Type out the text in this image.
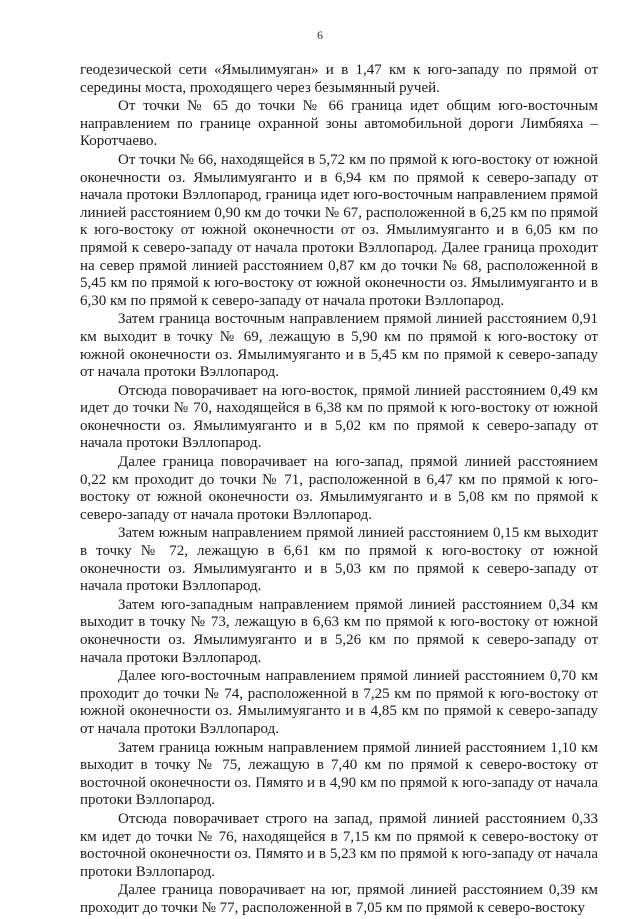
6

геодезической сети «Ямылимуяган» и в 1,47 км к юго-западу по прямой от середины моста, проходящего через безымянный ручей.

От точки № 65 до точки № 66 граница идет общим юго-восточным направлением по границе охранной зоны автомобильной дороги Лимбяяха – Коротчаево.

От точки № 66, находящейся в 5,72 км по прямой к юго-востоку от южной оконечности оз. Ямылимуяганто и в 6,94 км по прямой к северо-западу от начала протоки Вэллопарод, граница идет юго-восточным направлением прямой линией расстоянием 0,90 км до точки № 67, расположенной в 6,25 км по прямой к юго-востоку от южной оконечности от оз. Ямылимуяганто и в 6,05 км по прямой к северо-западу от начала протоки Вэллопарод. Далее граница проходит на север прямой линией расстоянием 0,87 км до точки № 68, расположенной в 5,45 км по прямой к юго-востоку от южной оконечности оз. Ямылимуяганто и в 6,30 км по прямой к северо-западу от начала протоки Вэллопарод.

Затем граница восточным направлением прямой линией расстоянием 0,91 км выходит в точку № 69, лежащую в 5,90 км по прямой к юго-востоку от южной оконечности оз. Ямылимуяганто и в 5,45 км по прямой к северо-западу от начала протоки Вэллопарод.

Отсюда поворачивает на юго-восток, прямой линией расстоянием 0,49 км идет до точки № 70, находящейся в 6,38 км по прямой к юго-востоку от южной оконечности оз. Ямылимуяганто и в 5,02 км по прямой к северо-западу от начала протоки Вэллопарод.

Далее граница поворачивает на юго-запад, прямой линией расстоянием 0,22 км проходит до точки № 71, расположенной в 6,47 км по прямой к юго-востоку от южной оконечности оз. Ямылимуяганто и в 5,08 км по прямой к северо-западу от начала протоки Вэллопарод.

Затем южным направлением прямой линией расстоянием 0,15 км выходит в точку № 72, лежащую в 6,61 км по прямой к юго-востоку от южной оконечности оз. Ямылимуяганто и в 5,03 км по прямой к северо-западу от начала протоки Вэллопарод.

Затем юго-западным направлением прямой линией расстоянием 0,34 км выходит в точку № 73, лежащую в 6,63 км по прямой к юго-востоку от южной оконечности оз. Ямылимуяганто и в 5,26 км по прямой к северо-западу от начала протоки Вэллопарод.

Далее юго-восточным направлением прямой линией расстоянием 0,70 км проходит до точки № 74, расположенной в 7,25 км по прямой к юго-востоку от южной оконечности оз. Ямылимуяганто и в 4,85 км по прямой к северо-западу от начала протоки Вэллопарод.

Затем граница южным направлением прямой линией расстоянием 1,10 км выходит в точку № 75, лежащую в 7,40 км по прямой к северо-востоку от восточной оконечности оз. Пямято и в 4,90 км по прямой к юго-западу от начала протоки Вэллопарод.

Отсюда поворачивает строго на запад, прямой линией расстоянием 0,33 км идет до точки № 76, находящейся в 7,15 км по прямой к северо-востоку от восточной оконечности оз. Пямято и в 5,23 км по прямой к юго-западу от начала протоки Вэллопарод.

Далее граница поворачивает на юг, прямой линией расстоянием 0,39 км проходит до точки № 77, расположенной в 7,05 км по прямой к северо-востоку
